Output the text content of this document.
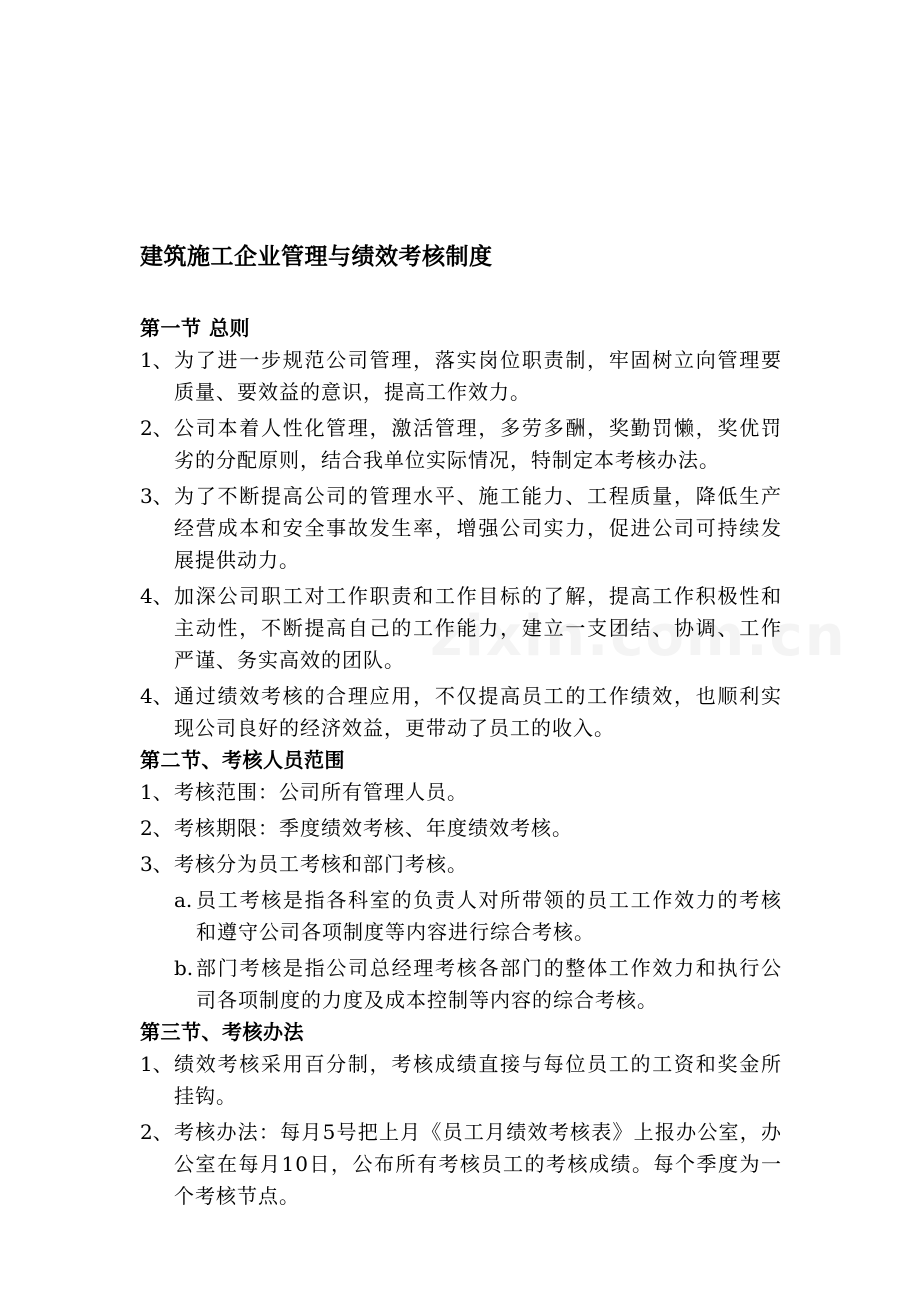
建筑施工企业管理与绩效考核制度
第一节 总则
1、 为了进一步规范公司管理，落实岗位职责制，牢固树立向管理要质量、要效益的意识，提高工作效力。
2、 公司本着人性化管理，激活管理，多劳多酬，奖勤罚懒，奖优罚劣的分配原则，结合我单位实际情况，特制定本考核办法。
3、 为了不断提高公司的管理水平、施工能力、工程质量，降低生产经营成本和安全事故发生率，增强公司实力，促进公司可持续发展提供动力。
4、 加深公司职工对工作职责和工作目标的了解，提高工作积极性和主动性，不断提高自己的工作能力，建立一支团结、协调、工作严谨、务实高效的团队。
4、 通过绩效考核的合理应用，不仅提高员工的工作绩效，也顺利实现公司良好的经济效益，更带动了员工的收入。
第二节、考核人员范围
1、 考核范围：公司所有管理人员。
2、 考核期限：季度绩效考核、年度绩效考核。
3、 考核分为员工考核和部门考核。
a. 员工考核是指各科室的负责人对所带领的员工工作效力的考核和遵守公司各项制度等内容进行综合考核。
b. 部门考核是指公司总经理考核各部门的整体工作效力和执行公司各项制度的力度及成本控制等内容的综合考核。
第三节、考核办法
1、 绩效考核采用百分制，考核成绩直接与每位员工的工资和奖金所挂钩。
2、 考核办法：每月5号把上月《员工月绩效考核表》上报办公室，办公室在每月10日，公布所有考核员工的考核成绩。每个季度为一个考核节点。
